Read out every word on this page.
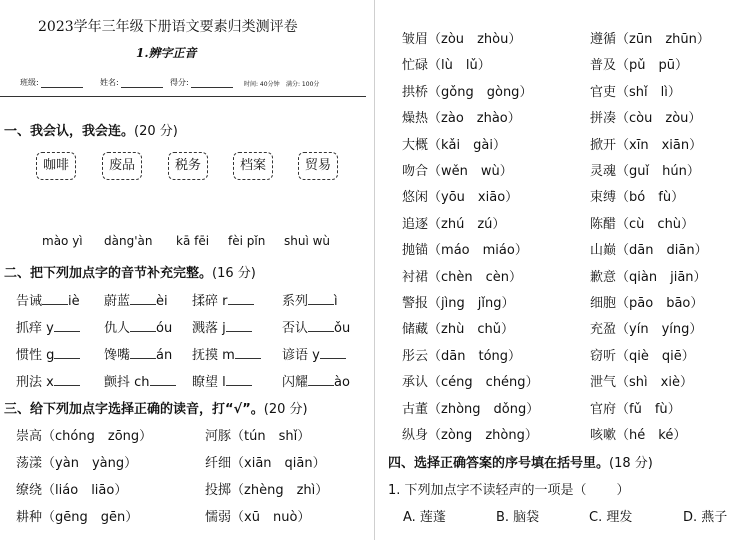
2023学年三年级下册语文要素归类测评卷
1.辨字正音
班级:	姓名:	得分:	时间: 40分钟 满分: 100分
一、我会认，我会连。(20 分)
咖啡	废品	税务	档案	贸易
mào yì dàng'àn kā fēi fèi pǐn shuì wù
二、把下列加点字的音节补充完整。(16 分)
告诫 iè 蔚蓝 èi 揉碎 r	系列 ì
抓痒 y	仇人 óu 溅落 j	否认 ǒu
惯性 g	馋嘴 án 抚摸 m	谚语 y
刑法 x	颤抖 ch	瞭望 l	闪耀 ào
三、给下列加点字选择正确的读音，打“√”。(20 分)
崇高（chóng  zōng）
荡漾（yàn  yàng）
缭绕（liáo  liāo）
耕种（gēng  gēn）
河豚（tún  shǐ）
纤细（xiān  qiān）
投掷（zhèng  zhì）
懦弱（xū  nuò）
皱眉（zòu  zhòu）
忙碌（lù  lǔ）
拱桥（gǒng  gòng）
燥热（zào  zhào）
大概（kǎi  gài）
吻合（wěn  wù）
悠闲（yōu  xiāo）
追逐（zhú  zú）
抛锚（máo  miáo）
衬裙（chèn  cèn）
警报（jìng  jǐng）
储藏（zhù  chǔ）
彤云（dān  tóng）
承认（céng  chéng）
古董（zhòng  dǒng）
纵身（zòng  zhòng）
遵循（zūn  zhūn）
普及（pǔ  pū）
官吏（shǐ  lì）
拼凑（còu  zòu）
掀开（xīn  xiān）
灵魂（guǐ  hún）
束缚（bó  fù）
陈醋（cù  chù）
山巅（dān  diān）
歉意（qiàn  jiān）
细胞（pāo  bāo）
充盈（yín  yíng）
窃听（qiè  qiē）
泄气（shì  xiè）
官府（fǔ  fù）
咳嗽（hé  ké）
四、选择正确答案的序号填在括号里。(18 分)
1. 下列加点字不读轻声的一项是（ ）
A. 莲蓬	B. 脑袋	C. 理发	D. 燕子
